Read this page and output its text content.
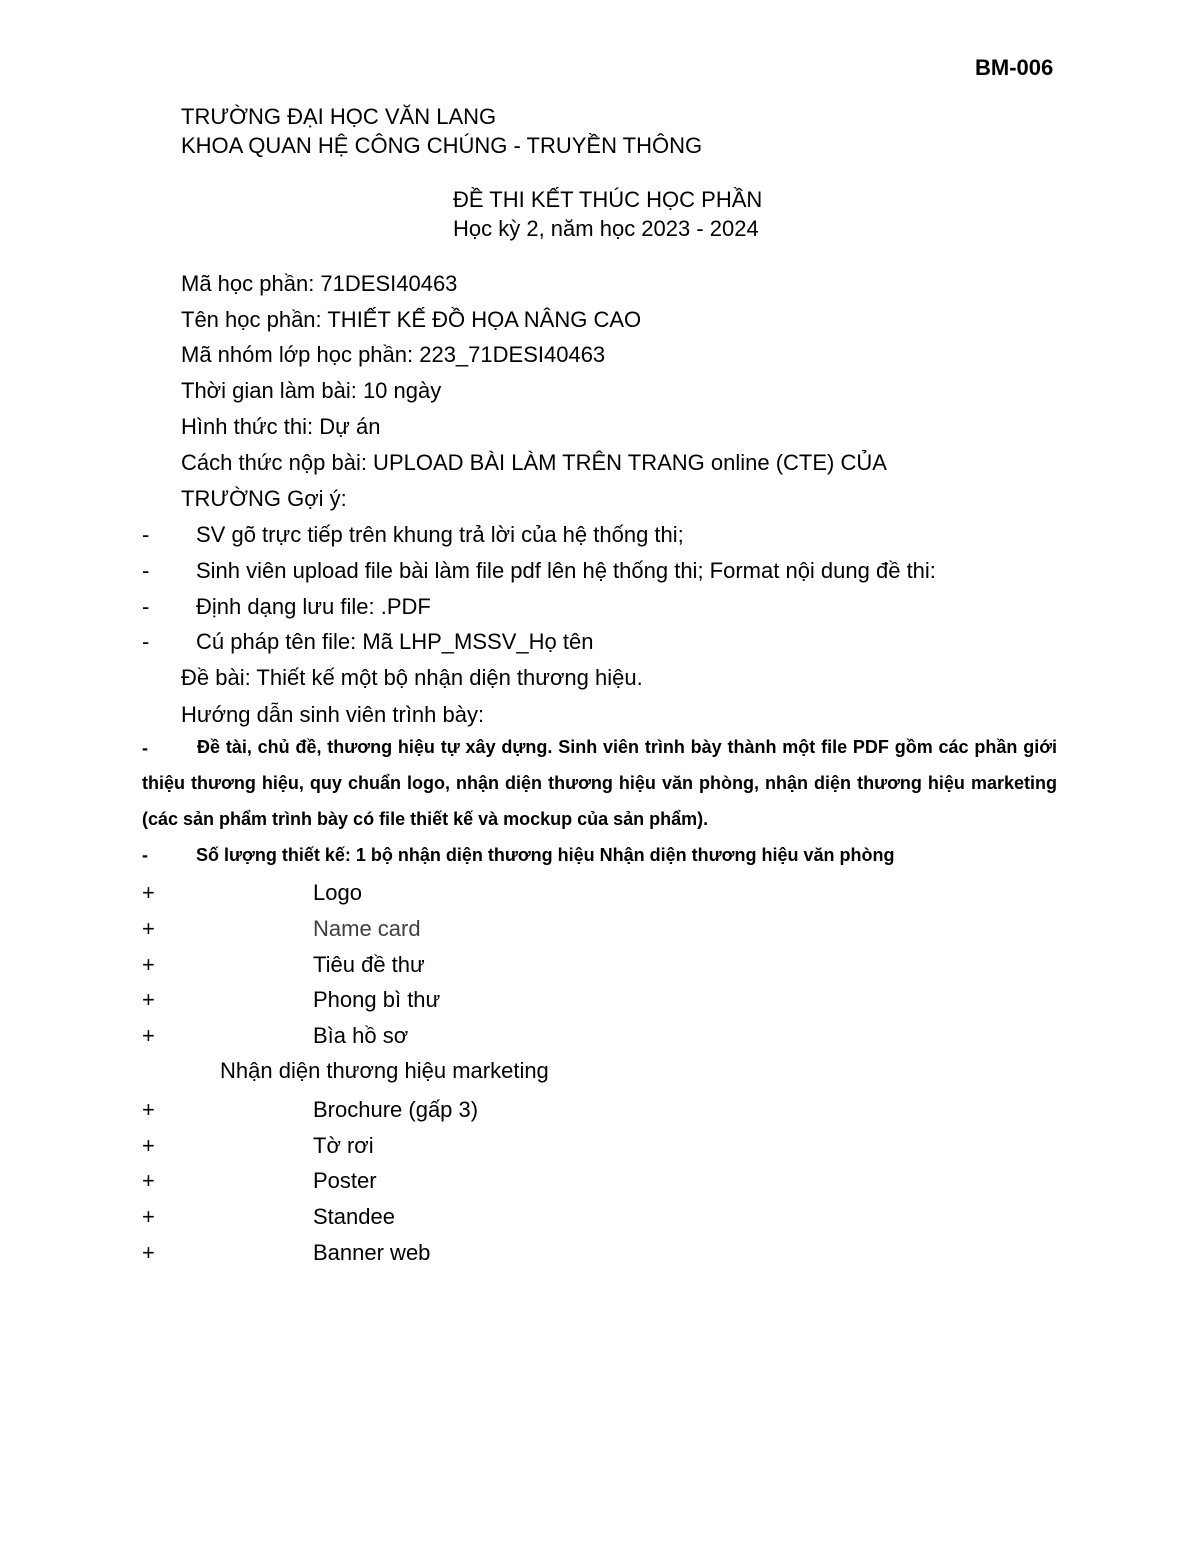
BM-006
TRƯỜNG ĐẠI HỌC VĂN LANG
KHOA QUAN HỆ CÔNG CHÚNG - TRUYỀN THÔNG
ĐỀ THI KẾT THÚC HỌC PHẦN
Học kỳ 2, năm học 2023 - 2024
Mã học phần: 71DESI40463
Tên học phần: THIẾT KẾ ĐỒ HỌA NÂNG CAO
Mã nhóm lớp học phần: 223_71DESI40463
Thời gian làm bài: 10 ngày
Hình thức thi: Dự án
Cách thức nộp bài: UPLOAD BÀI LÀM TRÊN TRANG online (CTE) CỦA
TRƯỜNG Gợi ý:
- SV gõ trực tiếp trên khung trả lời của hệ thống thi;
- Sinh viên upload file bài làm file pdf lên hệ thống thi; Format nội dung đề thi:
- Định dạng lưu file: .PDF
- Cú pháp tên file: Mã LHP_MSSV_Họ tên
Đề bài: Thiết kế một bộ nhận diện thương hiệu.
Hướng dẫn sinh viên trình bày:
-	Đề tài, chủ đề, thương hiệu tự xây dựng. Sinh viên trình bày thành một file PDF gồm các phần giới thiệu thương hiệu, quy chuẩn logo, nhận diện thương hiệu văn phòng, nhận diện thương hiệu marketing (các sản phẩm trình bày có file thiết kế và mockup của sản phẩm).
-	Số lượng thiết kế: 1 bộ nhận diện thương hiệu Nhận diện thương hiệu văn phòng
+	Logo
+	Name card
+	Tiêu đề thư
+	Phong bì thư
+	Bìa hồ sơ
Nhận diện thương hiệu marketing
+	Brochure (gấp 3)
+	Tờ rơi
+	Poster
+	Standee
+	Banner web
